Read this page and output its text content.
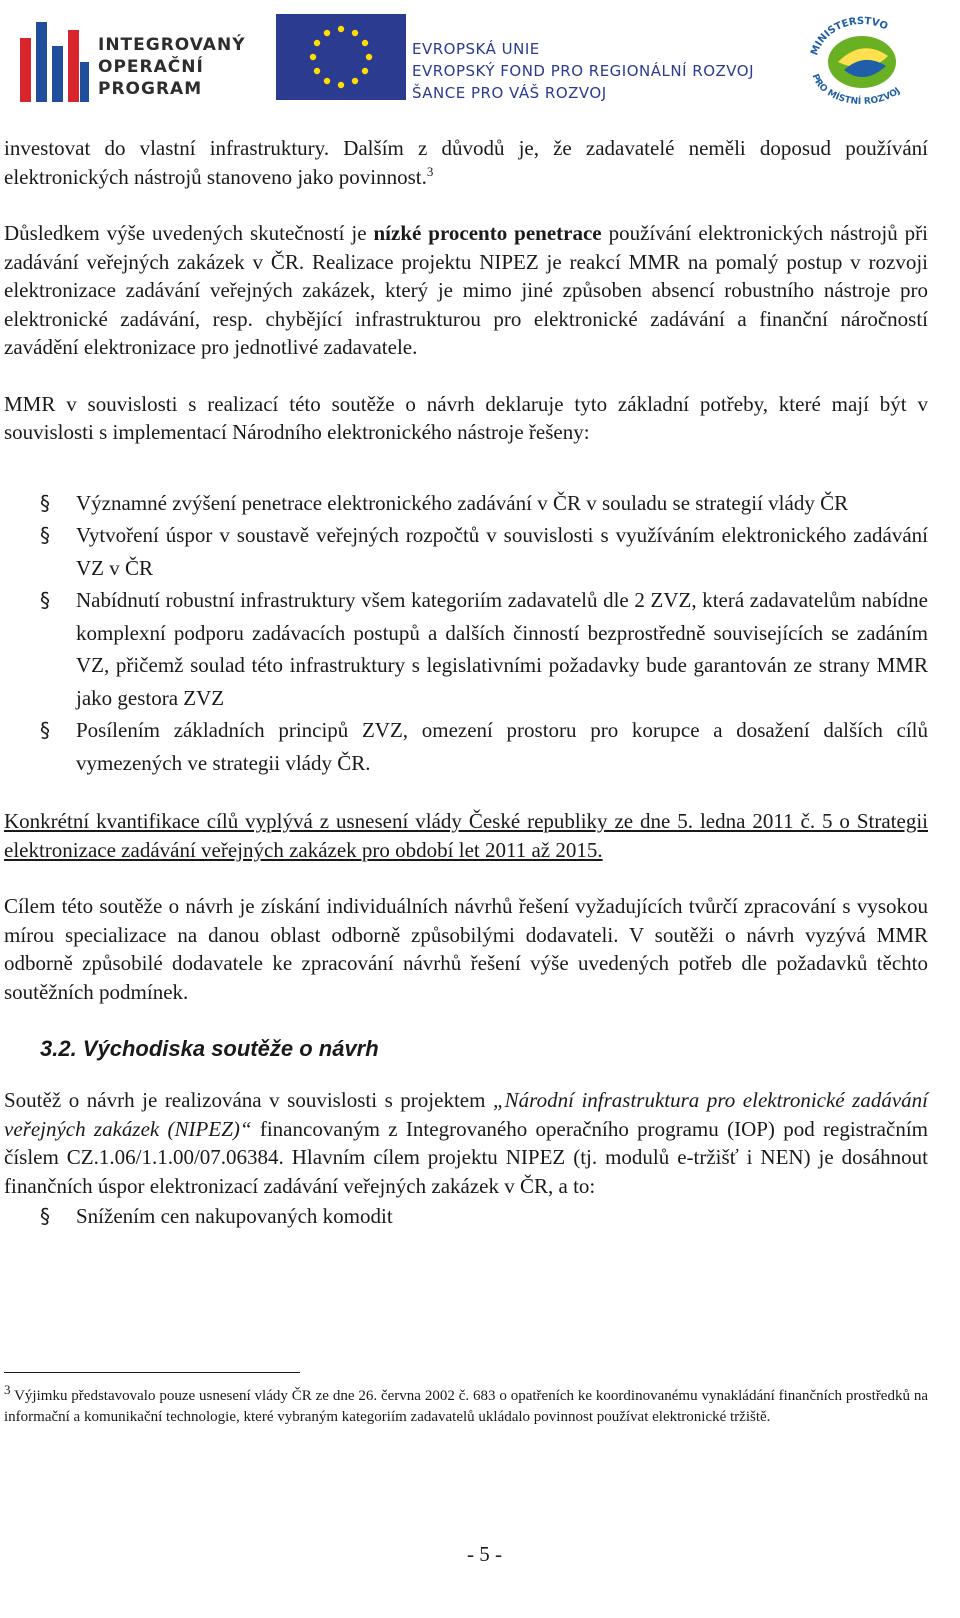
INTEGROVANÝ
OPERAČNÍ
PROGRAM
EVROPSKÁ UNIE
EVROPSKÝ FOND PRO REGIONÁLNÍ ROZVOJ
ŠANCE PRO VÁŠ ROZVOJ
MINISTERSTVO
PRO MÍSTNÍ ROZVOJ

investovat do vlastní infrastruktury. Dalším z důvodů je, že zadavatelé neměli doposud používání elektronických nástrojů stanoveno jako povinnost.$^3$

Důsledkem výše uvedených skutečností je nízké procento penetrace používání elektronických nástrojů při zadávání veřejných zakázek v ČR. Realizace projektu NIPEZ je reakcí MMR na pomalý postup v rozvoji elektronizace zadávání veřejných zakázek, který je mimo jiné způsoben absencí robustního nástroje pro elektronické zadávání, resp. chybějící infrastrukturou pro elektronické zadávání a finanční náročností zavádění elektronizace pro jednotlivé zadavatele.

MMR v souvislosti s realizací této soutěže o návrh deklaruje tyto základní potřeby, které mají být v souvislosti s implementací Národního elektronického nástroje řešeny:

§ Významné zvýšení penetrace elektronického zadávání v ČR v souladu se strategií vlády ČR
§ Vytvoření úspor v soustavě veřejných rozpočtů v souvislosti s využíváním elektronického zadávání VZ v ČR
§ Nabídnutí robustní infrastruktury všem kategoriím zadavatelů dle 2 ZVZ, která zadavatelům nabídne komplexní podporu zadávacích postupů a dalších činností bezprostředně souvisejících se zadáním VZ, přičemž soulad této infrastruktury s legislativními požadavky bude garantován ze strany MMR jako gestora ZVZ
§ Posílením základních principů ZVZ, omezení prostoru pro korupce a dosažení dalších cílů vymezených ve strategii vlády ČR.

Konkrétní kvantifikace cílů vyplývá z usnesení vlády České republiky ze dne 5. ledna 2011 č. 5 o Strategii elektronizace zadávání veřejných zakázek pro období let 2011 až 2015.

Cílem této soutěže o návrh je získání individuálních návrhů řešení vyžadujících tvůrčí zpracování s vysokou mírou specializace na danou oblast odborně způsobilými dodavateli. V soutěži o návrh vyzývá MMR odborně způsobilé dodavatele ke zpracování návrhů řešení výše uvedených potřeb dle požadavků těchto soutěžních podmínek.

3.2. Východiska soutěže o návrh

Soutěž o návrh je realizována v souvislosti s projektem „Národní infrastruktura pro elektronické zadávání veřejných zakázek (NIPEZ)“ financovaným z Integrovaného operačního programu (IOP) pod registračním číslem CZ.1.06/1.1.00/07.06384. Hlavním cílem projektu NIPEZ (tj. modulů e-tržišť i NEN) je dosáhnout finančních úspor elektronizací zadávání veřejných zakázek v ČR, a to:

§ Snížením cen nakupovaných komodit
3 Výjimku představovalo pouze usnesení vlády ČR ze dne 26. června 2002 č. 683 o opatřeních ke koordinovanému vynakládání finančních prostředků na informační a komunikační technologie, které vybraným kategoriím zadavatelů ukládalo povinnost používat elektronické tržiště.
- 5 -
